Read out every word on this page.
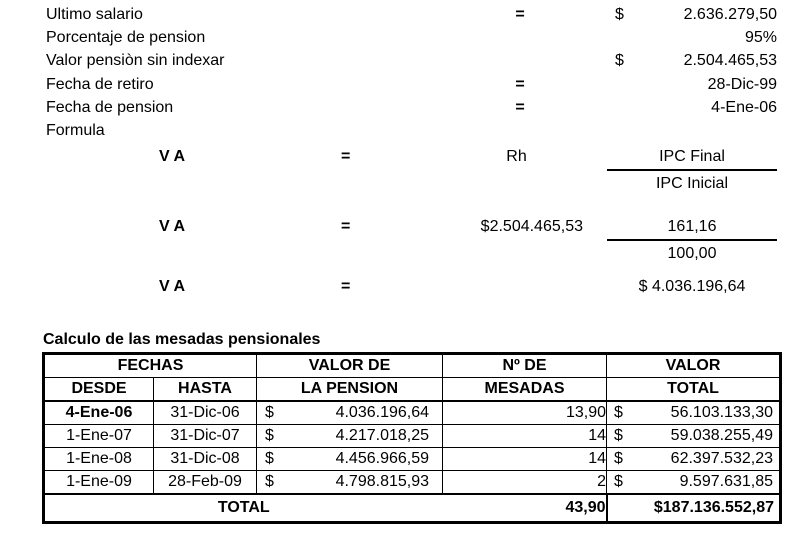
Ultimo salario	=	$	2.636.279,50
Porcentaje de pension	95%
Valor pensiòn sin indexar	$	2.504.465,53
Fecha de retiro	=	28-Dic-99
Fecha de pension	=	4-Ene-06
Formula
V A	=	Rh	IPC Final
IPC Inicial
V A	=	$2.504.465,53 $\frac{161,16}{100,00}$
V A	=	$ 4.036.196,64
Calculo de las mesadas pensionales
FECHAS		VALOR DE	Nº DE	VALOR
DESDE	HASTA	LA PENSION	MESADAS	TOTAL
4-Ene-06	31-Dic-06	$ 4.036.196,64	13,90	$ 56.103.133,30

1-Ene-07	31-Dic-07	$ 4.217.018,25	14	$ 59.038.255,49

1-Ene-08	31-Dic-08	$ 4.456.966,59	14	$ 62.397.532,23

1-Ene-09	28-Feb-09	$ 4.798.815,93	2	$ 9.597.631,85

TOTAL			43,90	$187.136.552,87
